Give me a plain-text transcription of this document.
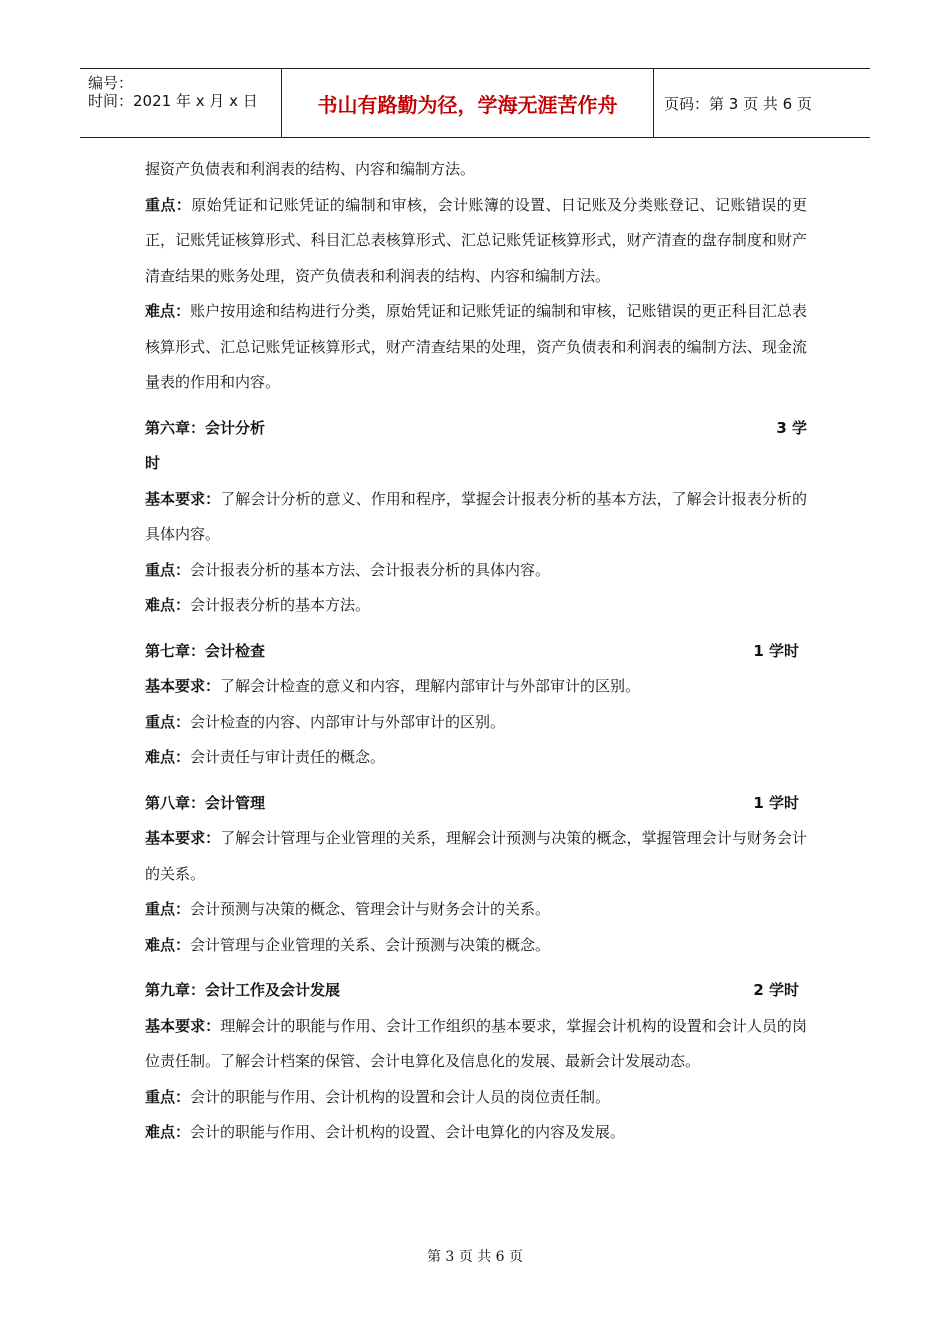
编号：
时间：2021 年 x 月 x 日	书山有路勤为径，学海无涯苦作舟	页码：第 3 页 共 6 页

握资产负债表和利润表的结构、内容和编制方法。

重点：原始凭证和记账凭证的编制和审核，会计账簿的设置、日记账及分类账登记、记账错误的更正，记账凭证核算形式、科目汇总表核算形式、汇总记账凭证核算形式，财产清查的盘存制度和财产清查结果的账务处理，资产负债表和利润表的结构、内容和编制方法。

难点：账户按用途和结构进行分类，原始凭证和记账凭证的编制和审核，记账错误的更正科目汇总表核算形式、汇总记账凭证核算形式，财产清查结果的处理，资产负债表和利润表的编制方法、现金流量表的作用和内容。

第六章：会计分析	3 学
时

基本要求：了解会计分析的意义、作用和程序，掌握会计报表分析的基本方法，了解会计报表分析的具体内容。

重点：会计报表分析的基本方法、会计报表分析的具体内容。

难点：会计报表分析的基本方法。

第七章：会计检查	1 学时

基本要求：了解会计检查的意义和内容，理解内部审计与外部审计的区别。

重点：会计检查的内容、内部审计与外部审计的区别。

难点：会计责任与审计责任的概念。

第八章：会计管理	1 学时

基本要求：了解会计管理与企业管理的关系，理解会计预测与决策的概念，掌握管理会计与财务会计的关系。

重点：会计预测与决策的概念、管理会计与财务会计的关系。

难点：会计管理与企业管理的关系、会计预测与决策的概念。

第九章：会计工作及会计发展	2 学时

基本要求：理解会计的职能与作用、会计工作组织的基本要求，掌握会计机构的设置和会计人员的岗位责任制。了解会计档案的保管、会计电算化及信息化的发展、最新会计发展动态。

重点：会计的职能与作用、会计机构的设置和会计人员的岗位责任制。

难点：会计的职能与作用、会计机构的设置、会计电算化的内容及发展。

第 3 页 共 6 页
